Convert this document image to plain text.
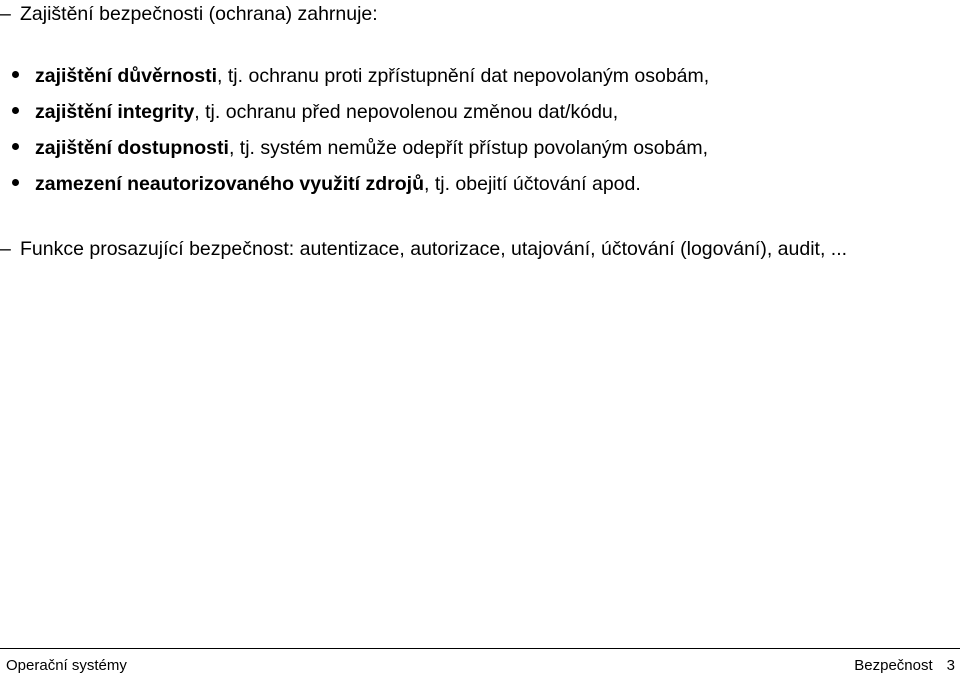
– Zajištění bezpečnosti (ochrana) zahrnuje:
zajištění důvěrnosti, tj. ochranu proti zpřístupnění dat nepovolaným osobám,
zajištění integrity, tj. ochranu před nepovolenou změnou dat/kódu,
zajištění dostupnosti, tj. systém nemůže odepřít přístup povolaným osobám,
zamezení neautorizovaného využití zdrojů, tj. obejití účtování apod.
– Funkce prosazující bezpečnost: autentizace, autorizace, utajování, účtování (logování), audit, ...
Operační systémy	Bezpečnost 3
